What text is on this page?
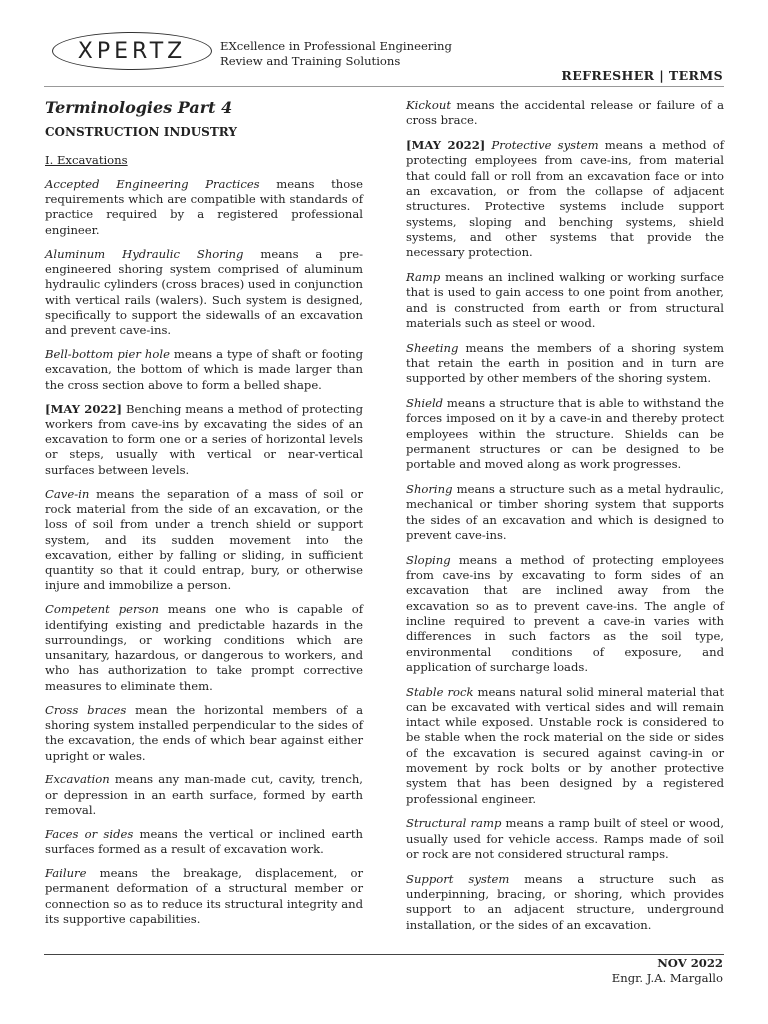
XPERTZ	EXcellence in Professional Engineering
Review and Training Solutions
REFRESHER | TERMS
Terminologies Part 4
CONSTRUCTION INDUSTRY
I. Excavations

Accepted Engineering Practices means those requirements which are compatible with standards of practice required by a registered professional engineer.

Aluminum Hydraulic Shoring means a pre-engineered shoring system comprised of aluminum hydraulic cylinders (cross braces) used in conjunction with vertical rails (walers). Such system is designed, specifically to support the sidewalls of an excavation and prevent cave-ins.

Bell-bottom pier hole means a type of shaft or footing excavation, the bottom of which is made larger than the cross section above to form a belled shape.

[MAY 2022] Benching means a method of protecting workers from cave-ins by excavating the sides of an excavation to form one or a series of horizontal levels or steps, usually with vertical or near-vertical surfaces between levels.

Cave-in means the separation of a mass of soil or rock material from the side of an excavation, or the loss of soil from under a trench shield or support system, and its sudden movement into the excavation, either by falling or sliding, in sufficient quantity so that it could entrap, bury, or otherwise injure and immobilize a person.

Competent person means one who is capable of identifying existing and predictable hazards in the surroundings, or working conditions which are unsanitary, hazardous, or dangerous to workers, and who has authorization to take prompt corrective measures to eliminate them.

Cross braces mean the horizontal members of a shoring system installed perpendicular to the sides of the excavation, the ends of which bear against either upright or wales.

Excavation means any man-made cut, cavity, trench, or depression in an earth surface, formed by earth removal.

Faces or sides means the vertical or inclined earth surfaces formed as a result of excavation work.

Failure means the breakage, displacement, or permanent deformation of a structural member or connection so as to reduce its structural integrity and its supportive capabilities.

Kickout means the accidental release or failure of a cross brace.

[MAY 2022] Protective system means a method of protecting employees from cave-ins, from material that could fall or roll from an excavation face or into an excavation, or from the collapse of adjacent structures. Protective systems include support systems, sloping and benching systems, shield systems, and other systems that provide the necessary protection.

Ramp means an inclined walking or working surface that is used to gain access to one point from another, and is constructed from earth or from structural materials such as steel or wood.

Sheeting means the members of a shoring system that retain the earth in position and in turn are supported by other members of the shoring system.

Shield means a structure that is able to withstand the forces imposed on it by a cave-in and thereby protect employees within the structure. Shields can be permanent structures or can be designed to be portable and moved along as work progresses.

Shoring means a structure such as a metal hydraulic, mechanical or timber shoring system that supports the sides of an excavation and which is designed to prevent cave-ins.

Sloping means a method of protecting employees from cave-ins by excavating to form sides of an excavation that are inclined away from the excavation so as to prevent cave-ins. The angle of incline required to prevent a cave-in varies with differences in such factors as the soil type, environmental conditions of exposure, and application of surcharge loads.

Stable rock means natural solid mineral material that can be excavated with vertical sides and will remain intact while exposed. Unstable rock is considered to be stable when the rock material on the side or sides of the excavation is secured against caving-in or movement by rock bolts or by another protective system that has been designed by a registered professional engineer.

Structural ramp means a ramp built of steel or wood, usually used for vehicle access. Ramps made of soil or rock are not considered structural ramps.

Support system means a structure such as underpinning, bracing, or shoring, which provides support to an adjacent structure, underground installation, or the sides of an excavation.

NOV 2022
Engr. J.A. Margallo
